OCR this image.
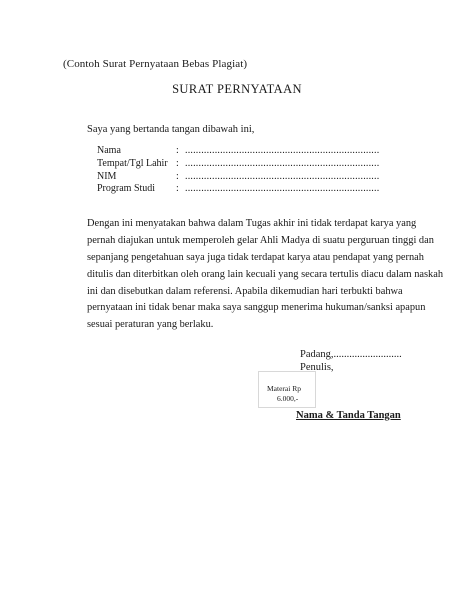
(Contoh Surat Pernyataan Bebas Plagiat)
SURAT PERNYATAAN
Saya yang bertanda tangan dibawah ini,
Nama	: ........................................................................
Tempat/Tgl Lahir : ........................................................................
NIM	: ........................................................................
Program Studi : ........................................................................
Dengan ini menyatakan bahwa dalam Tugas akhir ini tidak terdapat karya yang
pernah diajukan untuk memperoleh gelar Ahli Madya di suatu perguruan tinggi dan
sepanjang pengetahuan saya juga tidak terdapat karya atau pendapat yang pernah
ditulis dan diterbitkan oleh orang lain kecuali yang secara tertulis diacu dalam naskah
ini dan disebutkan dalam referensi. Apabila dikemudian hari terbukti bahwa
pernyataan ini tidak benar maka saya sanggup menerima hukuman/sanksi apapun
sesuai peraturan yang berlaku.
Padang,..........................
Penulis,
Materai Rp
6.000,-
Nama & Tanda Tangan
